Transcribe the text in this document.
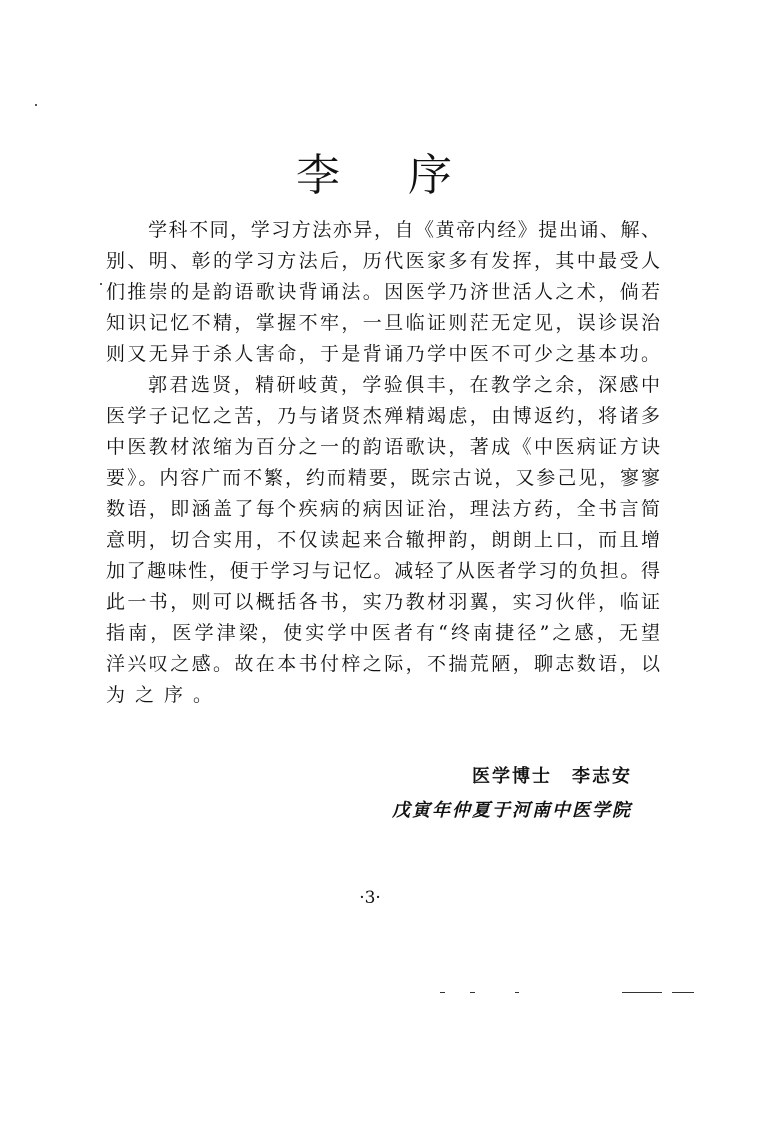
李 序
学科不同，学习方法亦异，自《黄帝内经》提出诵、解、
别、明、彰的学习方法后，历代医家多有发挥，其中最受人
们推崇的是韵语歌诀背诵法。因医学乃济世活人之术，倘若
知识记忆不精，掌握不牢，一旦临证则茫无定见，误诊误治
则又无异于杀人害命，于是背诵乃学中医不可少之基本功。
郭君选贤，精研岐黄，学验俱丰，在教学之余，深感中
医学子记忆之苦，乃与诸贤杰殚精竭虑，由博返约，将诸多
中医教材浓缩为百分之一的韵语歌诀，著成《中医病证方诀
要》。内容广而不繁，约而精要，既宗古说，又参己见，寥寥
数语，即涵盖了每个疾病的病因证治，理法方药，全书言简
意明，切合实用，不仅读起来合辙押韵，朗朗上口，而且增
加了趣味性，便于学习与记忆。减轻了从医者学习的负担。得
此一书，则可以概括各书，实乃教材羽翼，实习伙伴，临证
指南，医学津梁，使实学中医者有“终南捷径”之感，无望
洋兴叹之感。故在本书付梓之际，不揣荒陋，聊志数语，以
为之序。
医学博士　李志安
戊寅年仲夏于河南中医学院
·3·
